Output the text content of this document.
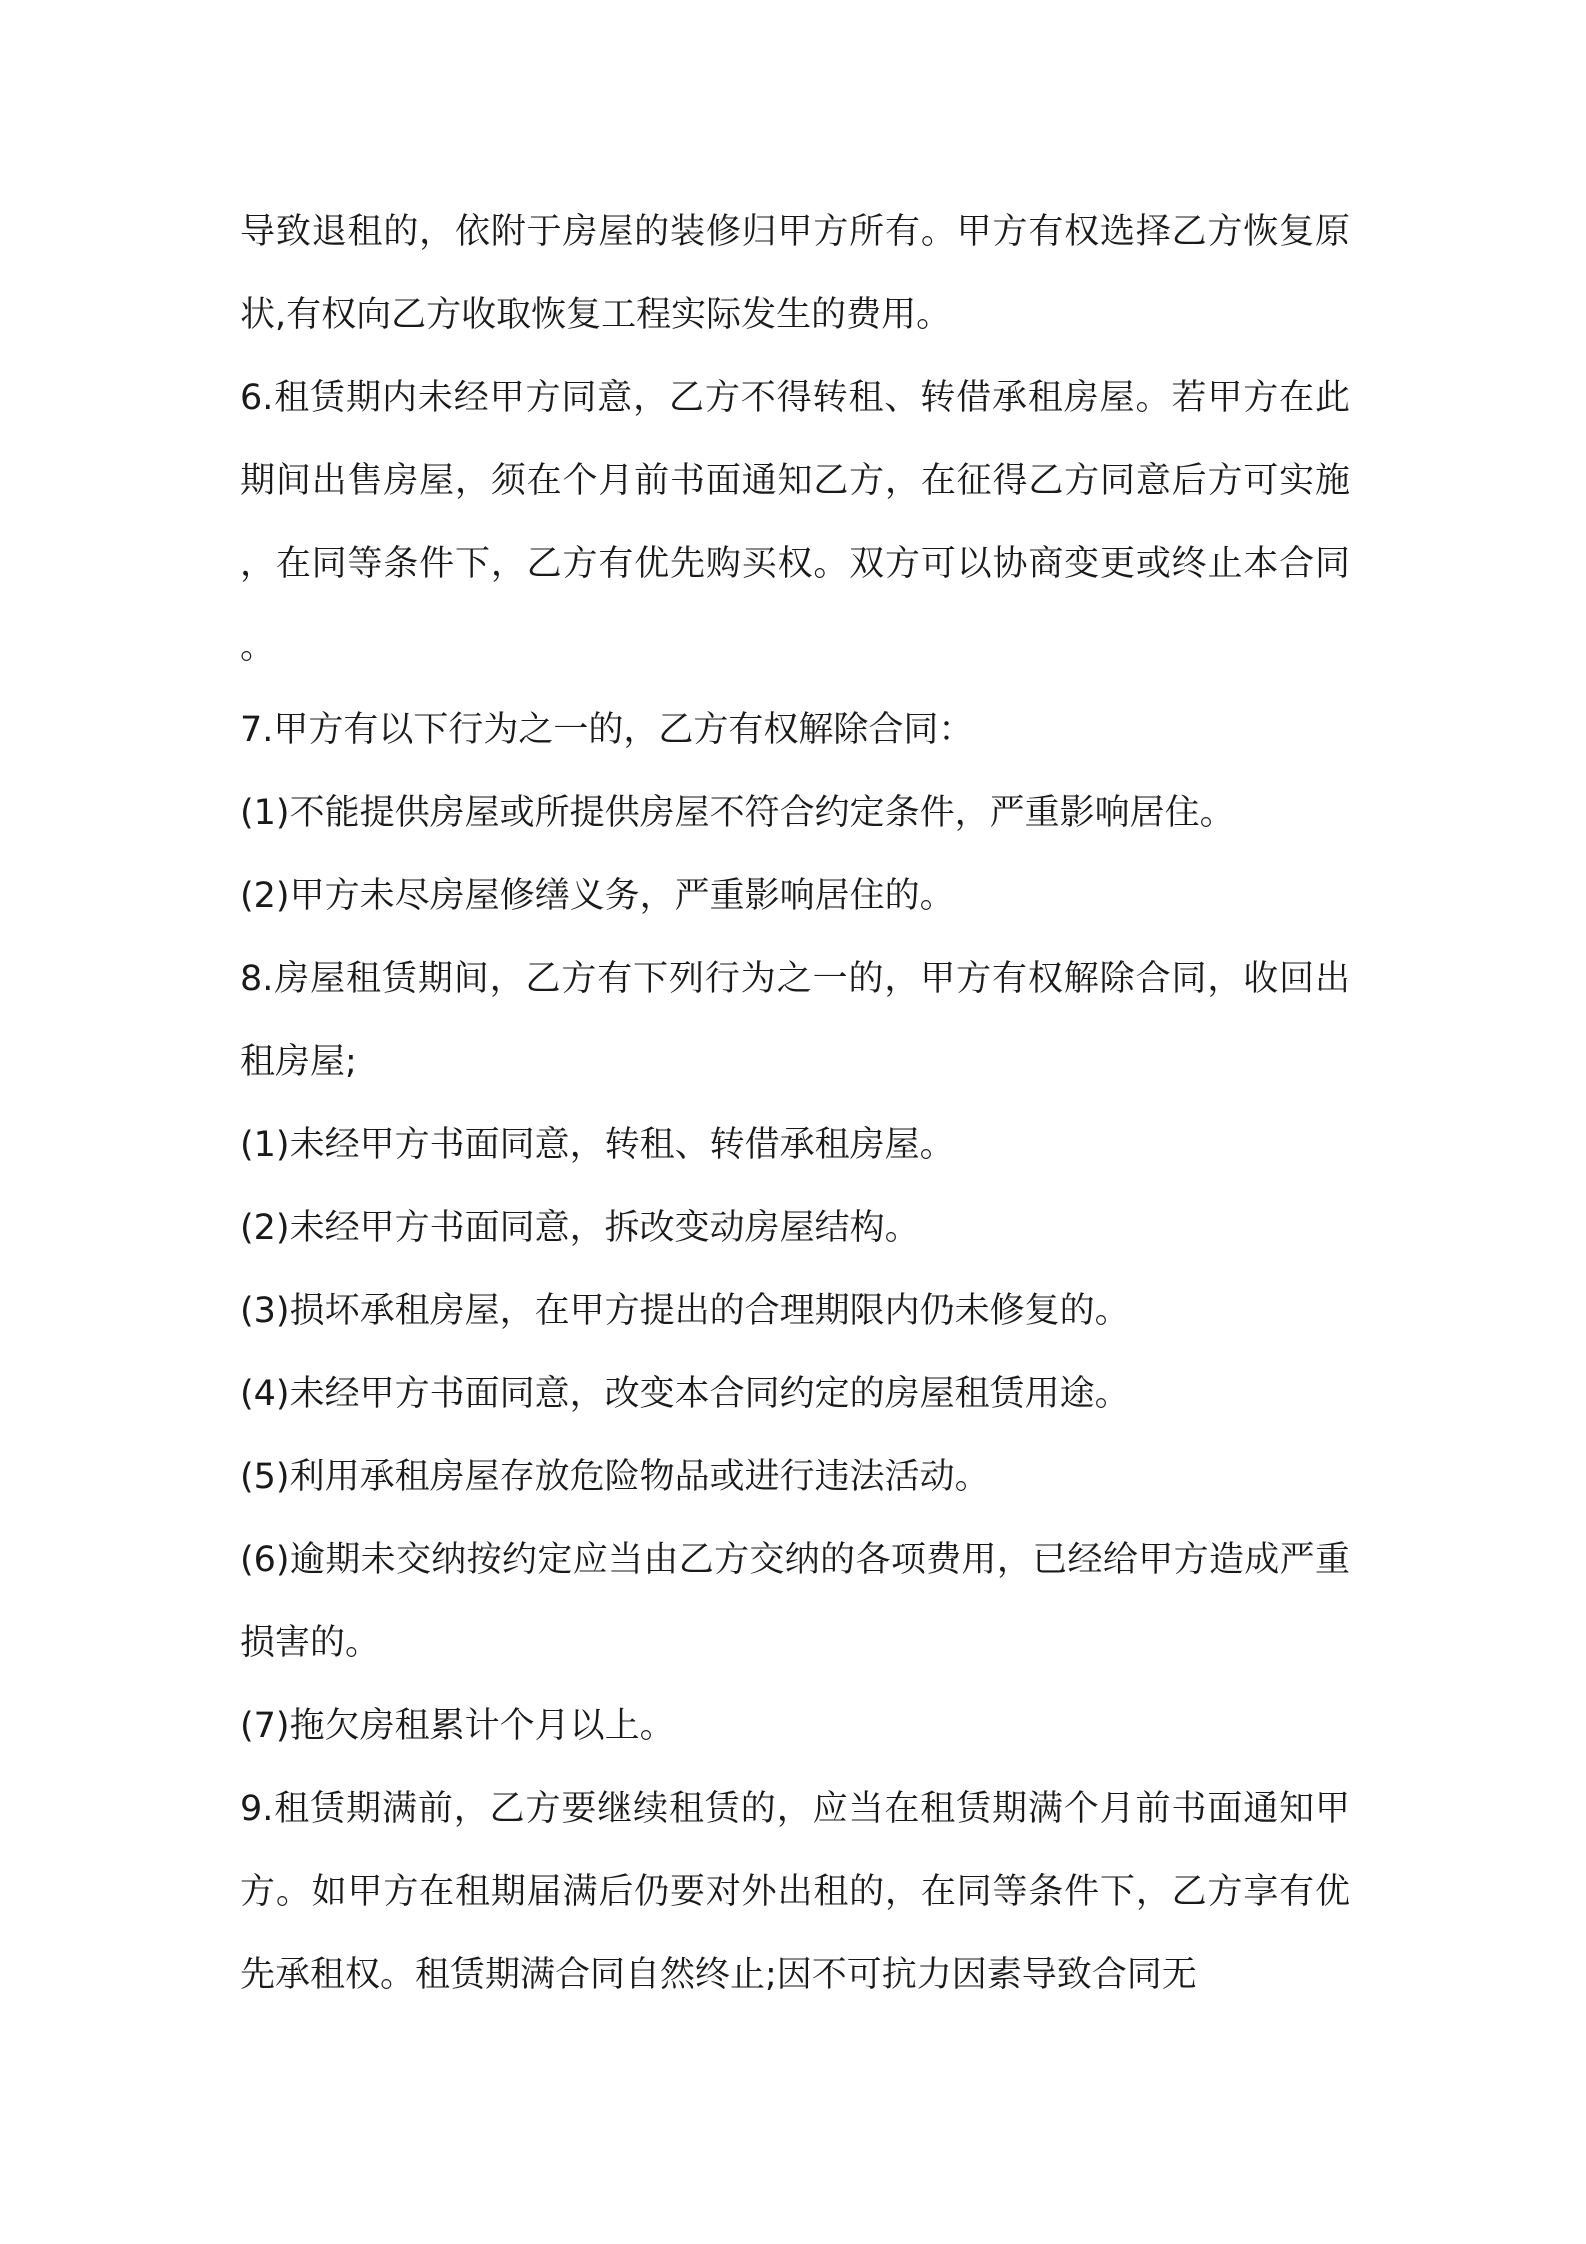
导致退租的，依附于房屋的装修归甲方所有。甲方有权选择乙方恢复原状,有权向乙方收取恢复工程实际发生的费用。

6.租赁期内未经甲方同意，乙方不得转租、转借承租房屋。若甲方在此期间出售房屋，须在个月前书面通知乙方，在征得乙方同意后方可实施，在同等条件下，乙方有优先购买权。双方可以协商变更或终止本合同。

7.甲方有以下行为之一的，乙方有权解除合同：

(1)不能提供房屋或所提供房屋不符合约定条件，严重影响居住。

(2)甲方未尽房屋修缮义务，严重影响居住的。

8.房屋租赁期间，乙方有下列行为之一的，甲方有权解除合同，收回出租房屋;

(1)未经甲方书面同意，转租、转借承租房屋。

(2)未经甲方书面同意，拆改变动房屋结构。

(3)损坏承租房屋，在甲方提出的合理期限内仍未修复的。

(4)未经甲方书面同意，改变本合同约定的房屋租赁用途。

(5)利用承租房屋存放危险物品或进行违法活动。

(6)逾期未交纳按约定应当由乙方交纳的各项费用，已经给甲方造成严重损害的。

(7)拖欠房租累计个月以上。

9.租赁期满前，乙方要继续租赁的，应当在租赁期满个月前书面通知甲方。如甲方在租期届满后仍要对外出租的，在同等条件下，乙方享有优先承租权。租赁期满合同自然终止;因不可抗力因素导致合同无
